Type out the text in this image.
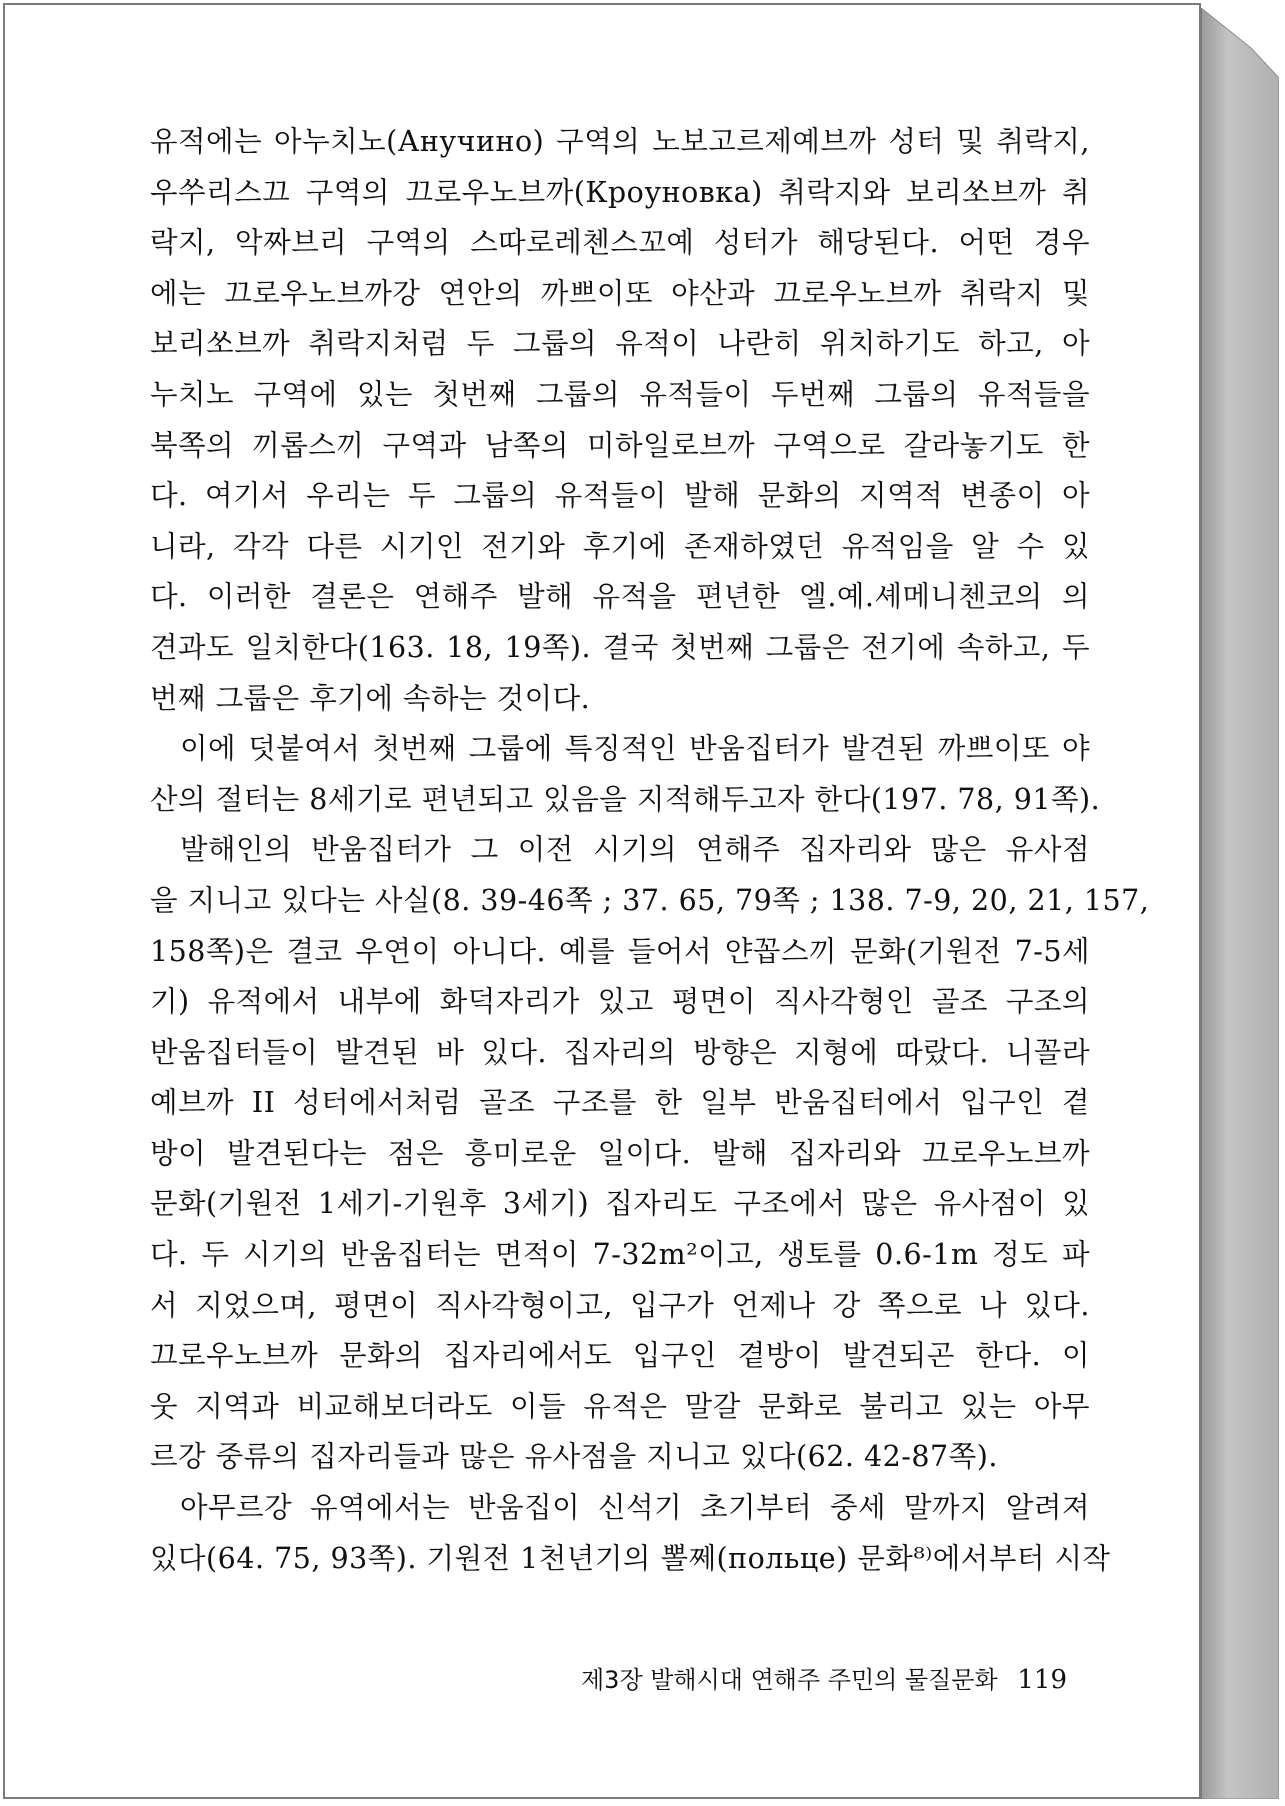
유적에는 아누치노(Анучино) 구역의 노보고르제예브까 성터 및 취락지,
우쑤리스끄 구역의 끄로우노브까(Кроуновка) 취락지와 보리쏘브까 취
락지, 악짜브리 구역의 스따로레첸스꼬예 성터가 해당된다. 어떤 경우
에는 끄로우노브까강 연안의 까쁘이또 야산과 끄로우노브까 취락지 및
보리쏘브까 취락지처럼 두 그룹의 유적이 나란히 위치하기도 하고, 아
누치노 구역에 있는 첫번째 그룹의 유적들이 두번째 그룹의 유적들을
북쪽의 끼롭스끼 구역과 남쪽의 미하일로브까 구역으로 갈라놓기도 한
다. 여기서 우리는 두 그룹의 유적들이 발해 문화의 지역적 변종이 아
니라, 각각 다른 시기인 전기와 후기에 존재하였던 유적임을 알 수 있
다. 이러한 결론은 연해주 발해 유적을 편년한 엘.예.셰메니첸코의 의
견과도 일치한다(163. 18, 19쪽). 결국 첫번째 그룹은 전기에 속하고, 두
번째 그룹은 후기에 속하는 것이다.

이에 덧붙여서 첫번째 그룹에 특징적인 반움집터가 발견된 까쁘이또 야
산의 절터는 8세기로 편년되고 있음을 지적해두고자 한다(197. 78, 91쪽).

발해인의 반움집터가 그 이전 시기의 연해주 집자리와 많은 유사점
을 지니고 있다는 사실(8. 39-46쪽 ; 37. 65, 79쪽 ; 138. 7-9, 20, 21, 157,
158쪽)은 결코 우연이 아니다. 예를 들어서 얀꼽스끼 문화(기원전 7-5세
기) 유적에서 내부에 화덕자리가 있고 평면이 직사각형인 골조 구조의
반움집터들이 발견된 바 있다. 집자리의 방향은 지형에 따랐다. 니꼴라
예브까 II 성터에서처럼 골조 구조를 한 일부 반움집터에서 입구인 곁
방이 발견된다는 점은 흥미로운 일이다. 발해 집자리와 끄로우노브까
문화(기원전 1세기-기원후 3세기) 집자리도 구조에서 많은 유사점이 있
다. 두 시기의 반움집터는 면적이 7-32m²이고, 생토를 0.6-1m 정도 파
서 지었으며, 평면이 직사각형이고, 입구가 언제나 강 쪽으로 나 있다.
끄로우노브까 문화의 집자리에서도 입구인 곁방이 발견되곤 한다. 이
웃 지역과 비교해보더라도 이들 유적은 말갈 문화로 불리고 있는 아무
르강 중류의 집자리들과 많은 유사점을 지니고 있다(62. 42-87쪽).

아무르강 유역에서는 반움집이 신석기 초기부터 중세 말까지 알려져
있다(64. 75, 93쪽). 기원전 1천년기의 뽈쩨(польце) 문화⁸⁾에서부터 시작

제3장 발해시대 연해주 주민의 물질문화 119
